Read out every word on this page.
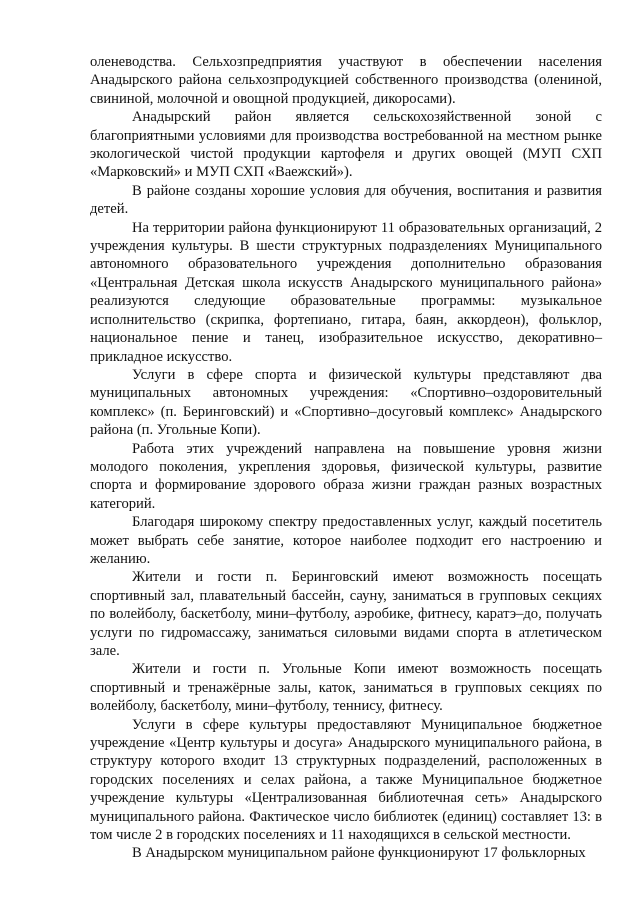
оленеводства. Сельхозпредприятия участвуют в обеспечении населения Анадырского района сельхозпродукцией собственного производства (олениной, свининой, молочной и овощной продукцией, дикоросами).

Анадырский район является сельскохозяйственной зоной с благоприятными условиями для производства востребованной на местном рынке экологической чистой продукции картофеля и других овощей (МУП СХП «Марковский» и МУП СХП «Ваежский»).

В районе созданы хорошие условия для обучения, воспитания и развития детей.

На территории района функционируют 11 образовательных организаций, 2 учреждения культуры. В шести структурных подразделениях Муниципального автономного образовательного учреждения дополнительно образования «Центральная Детская школа искусств Анадырского муниципального района» реализуются следующие образовательные программы: музыкальное исполнительство (скрипка, фортепиано, гитара, баян, аккордеон), фольклор, национальное пение и танец, изобразительное искусство, декоративно–прикладное искусство.

Услуги в сфере спорта и физической культуры представляют два муниципальных автономных учреждения: «Спортивно–оздоровительный комплекс» (п. Беринговский) и «Спортивно–досуговый комплекс» Анадырского района (п. Угольные Копи).

Работа этих учреждений направлена на повышение уровня жизни молодого поколения, укрепления здоровья, физической культуры, развитие спорта и формирование здорового образа жизни граждан разных возрастных категорий.

Благодаря широкому спектру предоставленных услуг, каждый посетитель может выбрать себе занятие, которое наиболее подходит его настроению и желанию.

Жители и гости п. Беринговский имеют возможность посещать спортивный зал, плавательный бассейн, сауну, заниматься в групповых секциях по волейболу, баскетболу, мини–футболу, аэробике, фитнесу, каратэ–до, получать услуги по гидромассажу, заниматься силовыми видами спорта в атлетическом зале.

Жители и гости п. Угольные Копи имеют возможность посещать спортивный и тренажёрные залы, каток, заниматься в групповых секциях по волейболу, баскетболу, мини–футболу, теннису, фитнесу.

Услуги в сфере культуры предоставляют Муниципальное бюджетное учреждение «Центр культуры и досуга» Анадырского муниципального района, в структуру которого входит 13 структурных подразделений, расположенных в городских поселениях и селах района, а также Муниципальное бюджетное учреждение культуры «Централизованная библиотечная сеть» Анадырского муниципального района. Фактическое число библиотек (единиц) составляет 13: в том числе 2 в городских поселениях и 11 находящихся в сельской местности.

В Анадырском муниципальном районе функционируют 17 фольклорных
